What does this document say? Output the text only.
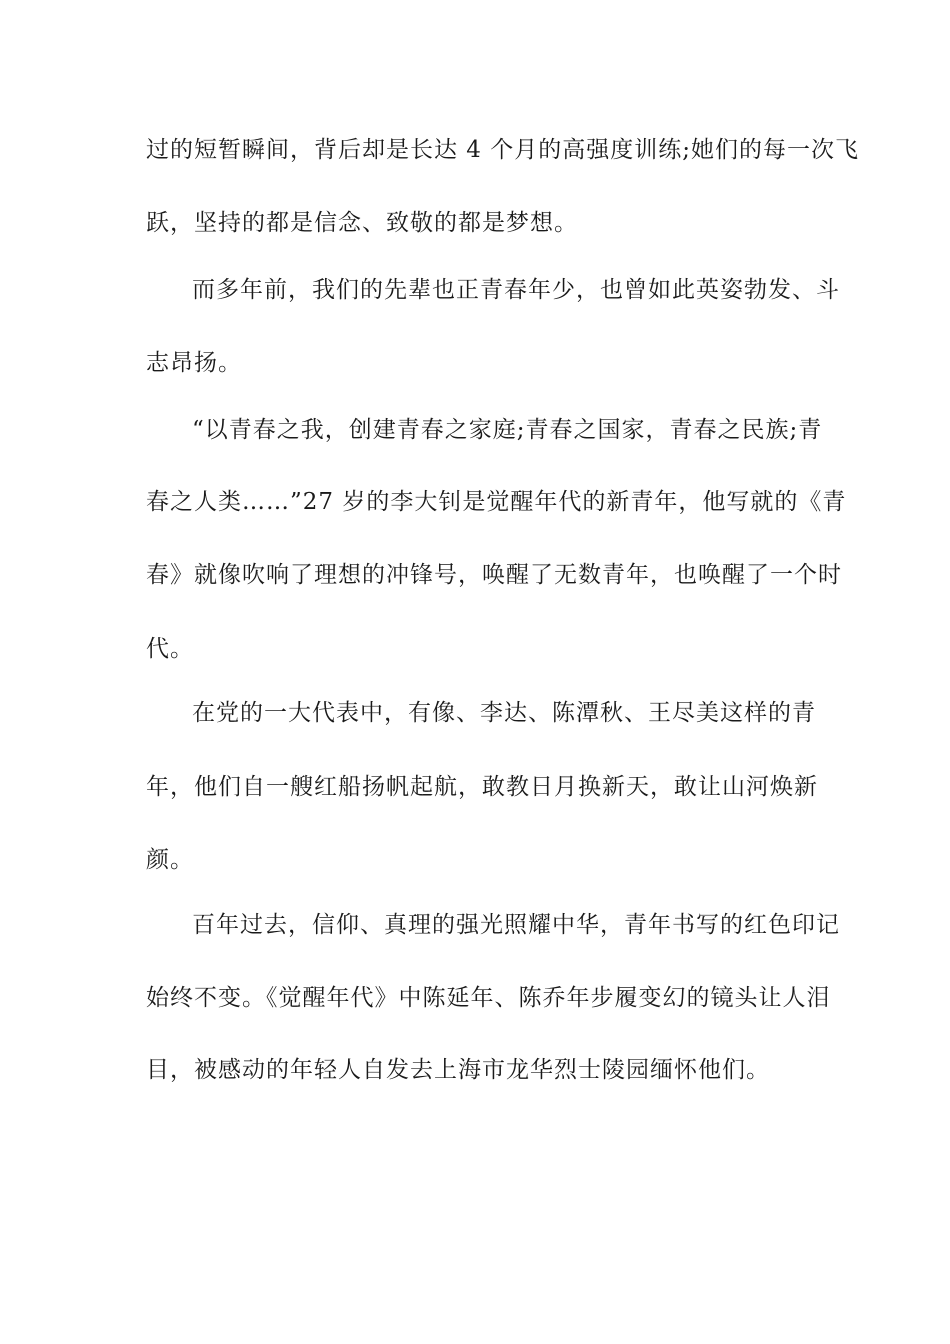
过的短暂瞬间，背后却是长达 4 个月的高强度训练;她们的每一次飞
跃，坚持的都是信念、致敬的都是梦想。
而多年前，我们的先辈也正青春年少，也曾如此英姿勃发、斗
志昂扬。
“以青春之我，创建青春之家庭;青春之国家，青春之民族;青
春之人类……”27 岁的李大钊是觉醒年代的新青年，他写就的《青
春》就像吹响了理想的冲锋号，唤醒了无数青年，也唤醒了一个时
代。
在党的一大代表中，有像、李达、陈潭秋、王尽美这样的青
年，他们自一艘红船扬帆起航，敢教日月换新天，敢让山河焕新
颜。
百年过去，信仰、真理的强光照耀中华，青年书写的红色印记
始终不变。《觉醒年代》中陈延年、陈乔年步履变幻的镜头让人泪
目，被感动的年轻人自发去上海市龙华烈士陵园缅怀他们。
